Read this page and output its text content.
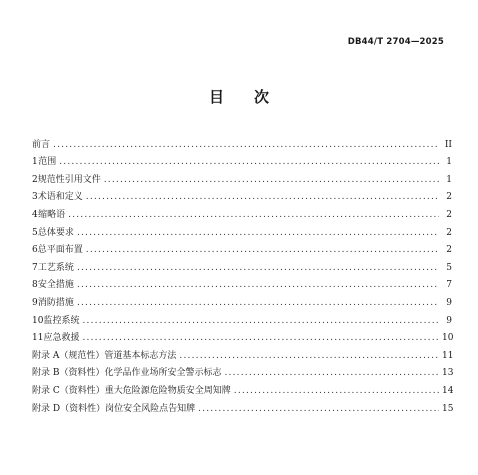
DB44/T 2704—2025
目 次
前言 .....	II
1 范围 .....	1
2 规范性引用文件 .....	1
3 术语和定义 .....	2
4 缩略语 .....	2
5 总体要求 .....	2
6 总平面布置 .....	2
7 工艺系统 .....	5
8 安全措施 .....	7
9 消防措施 .....	9
10 监控系统 .....	9
11 应急救援 .....	10
附录 A（规范性） 管道基本标志方法 .....	11
附录 B（资料性） 化学品作业场所安全警示标志 .....	13
附录 C（资料性） 重大危险源危险物质安全周知牌 .....	14
附录 D（资料性） 岗位安全风险点告知牌 .....	15
